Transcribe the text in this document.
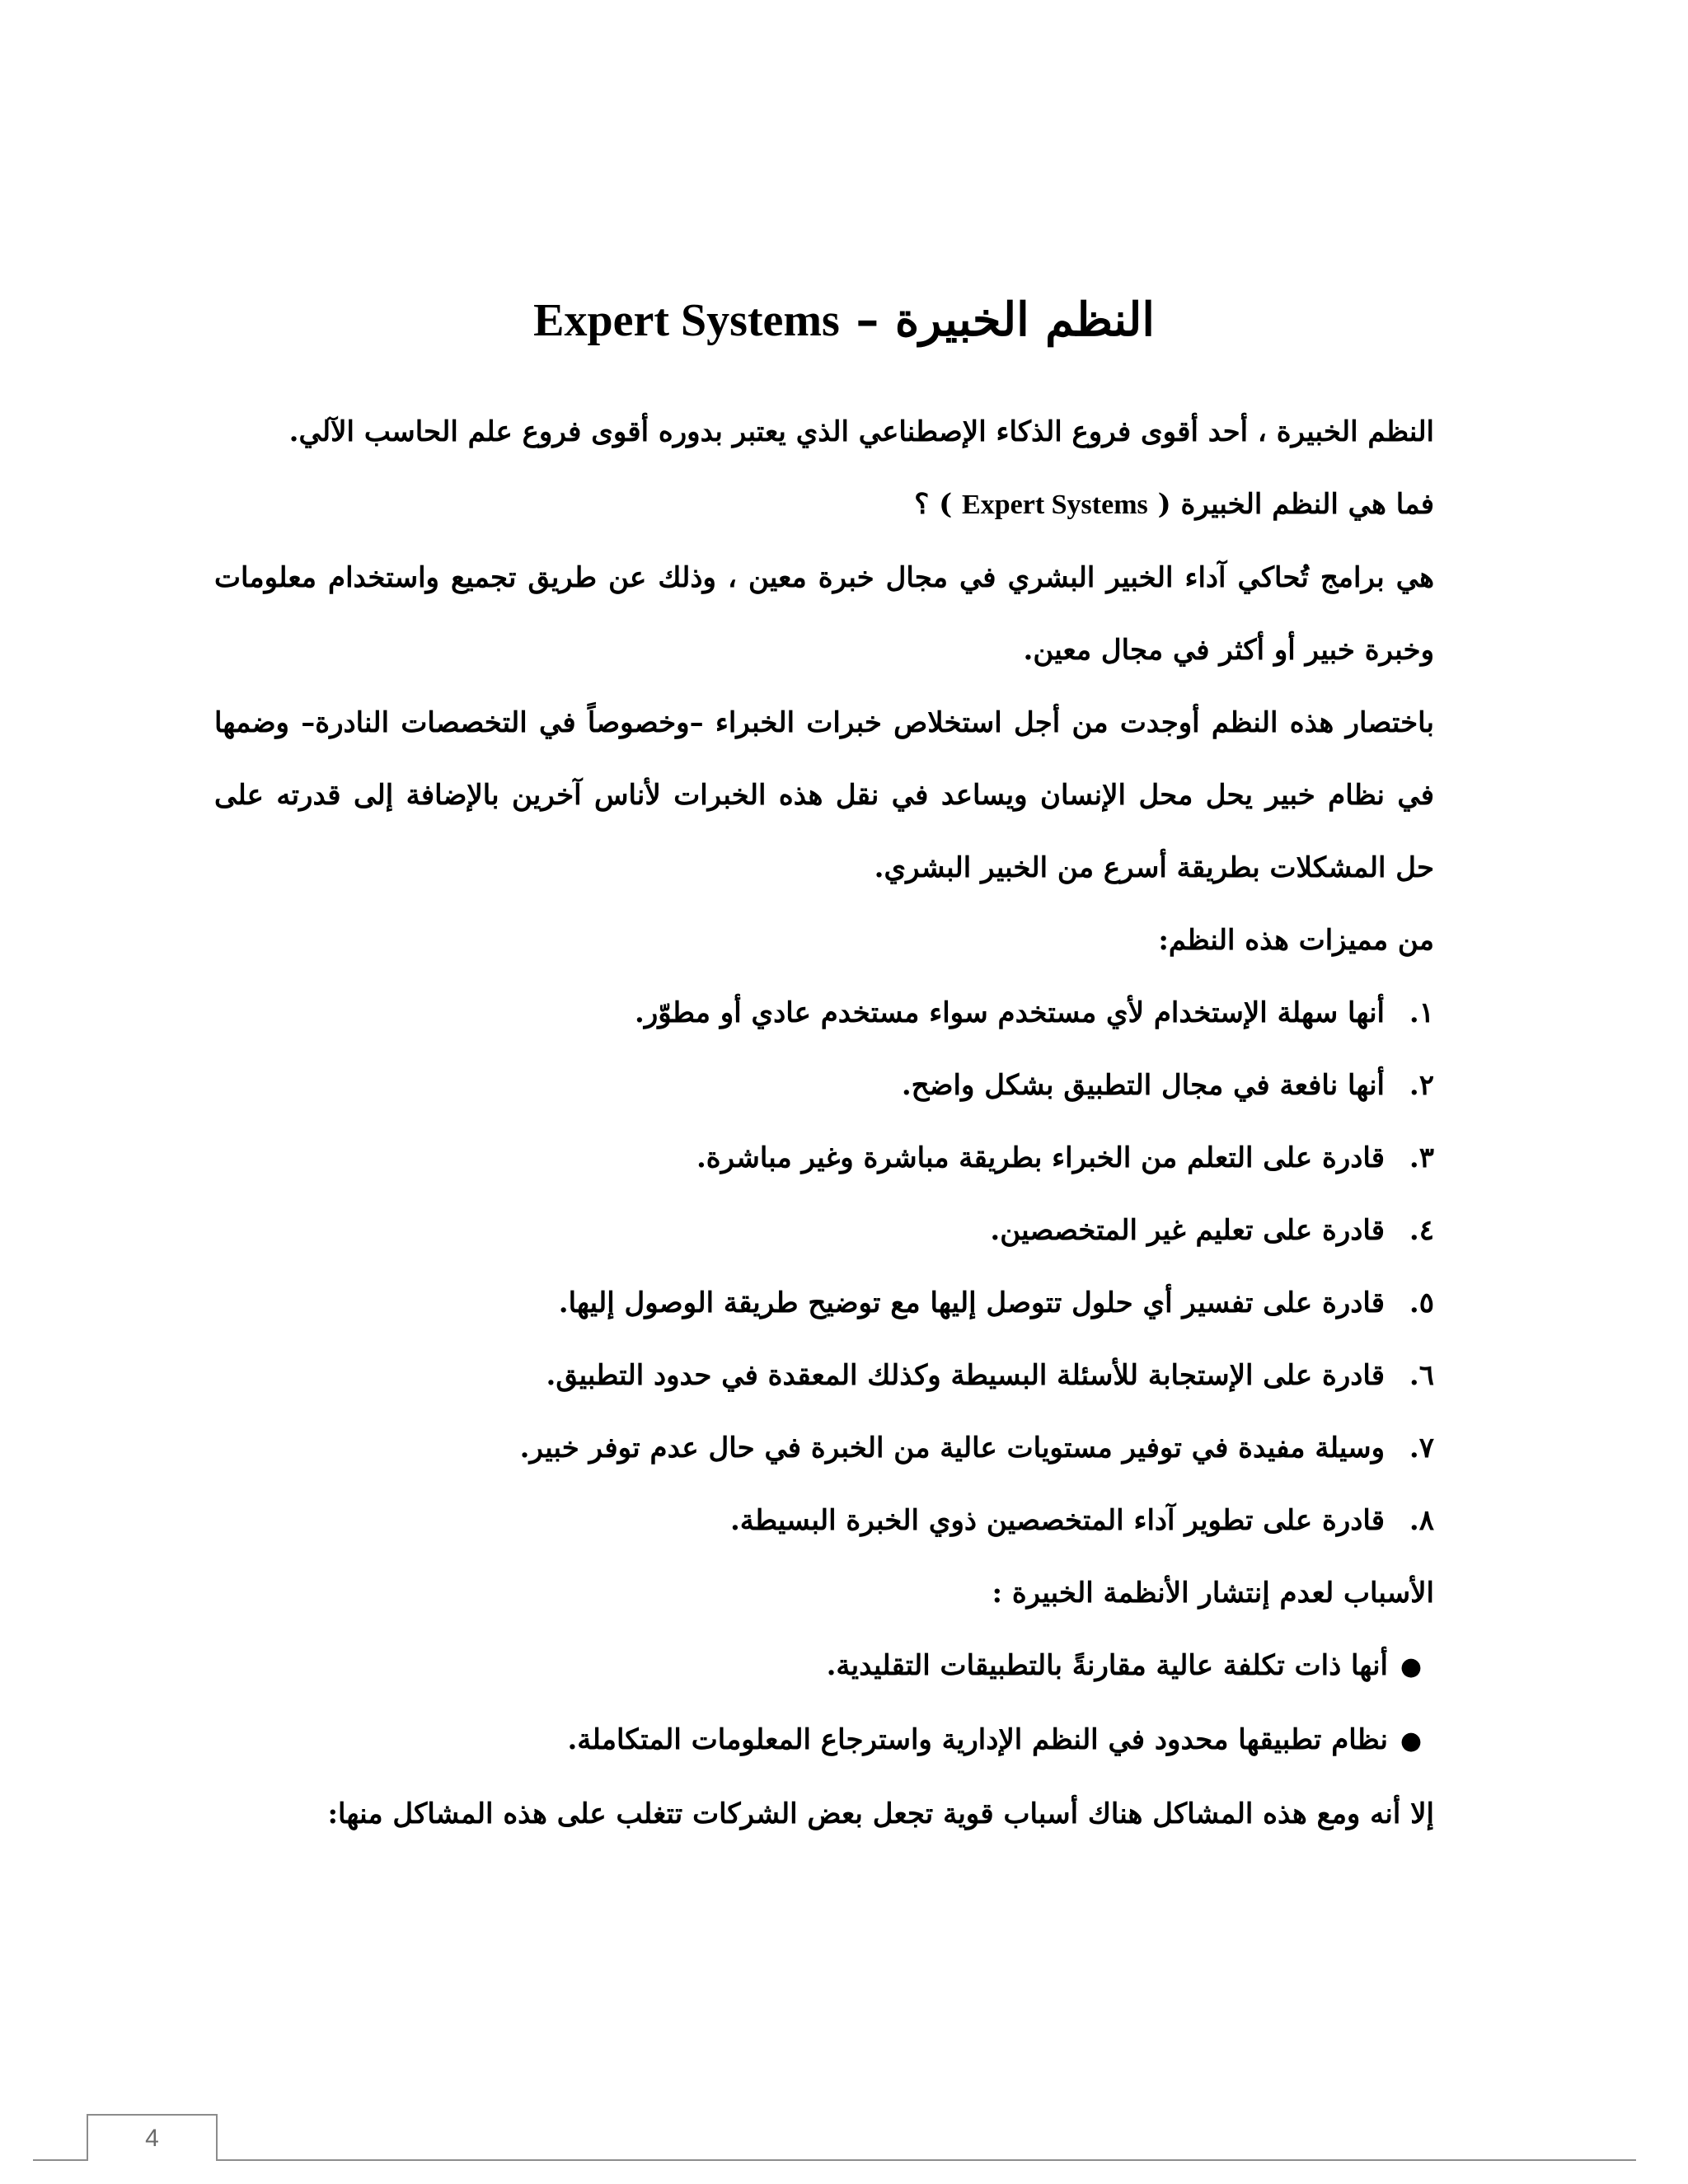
النظم الخبيرة – Expert Systems

النظم الخبيرة ، أحد أقوى فروع الذكاء الإصطناعي الذي يعتبر بدوره أقوى فروع علم الحاسب الآلي.

فما هي النظم الخبيرة ( Expert Systems ) ؟

هي برامج تُحاكي آداء الخبير البشري في مجال خبرة معين ، وذلك عن طريق تجميع واستخدام معلومات وخبرة خبير أو أكثر في مجال معين.

باختصار هذه النظم أوجدت من أجل استخلاص خبرات الخبراء –وخصوصاً في التخصصات النادرة– وضمها في نظام خبير يحل محل الإنسان ويساعد في نقل هذه الخبرات لأناس آخرين بالإضافة إلى قدرته على حل المشكلات بطريقة أسرع من الخبير البشري.

من مميزات هذه النظم:

١.أنها سهلة الإستخدام لأي مستخدم سواء مستخدم عادي أو مطوّر.
٢.أنها نافعة في مجال التطبيق بشكل واضح.
٣.قادرة على التعلم من الخبراء بطريقة مباشرة وغير مباشرة.
٤.قادرة على تعليم غير المتخصصين.
٥.قادرة على تفسير أي حلول تتوصل إليها مع توضيح طريقة الوصول إليها.
٦.قادرة على الإستجابة للأسئلة البسيطة وكذلك المعقدة في حدود التطبيق.
٧.وسيلة مفيدة في توفير مستويات عالية من الخبرة في حال عدم توفر خبير.
٨.قادرة على تطوير آداء المتخصصين ذوي الخبرة البسيطة.

الأسباب لعدم إنتشار الأنظمة الخبيرة :

●أنها ذات تكلفة عالية مقارنةً بالتطبيقات التقليدية.
●نظام تطبيقها محدود في النظم الإدارية واسترجاع المعلومات المتكاملة.

إلا أنه ومع هذه المشاكل هناك أسباب قوية تجعل بعض الشركات تتغلب على هذه المشاكل منها:

4
